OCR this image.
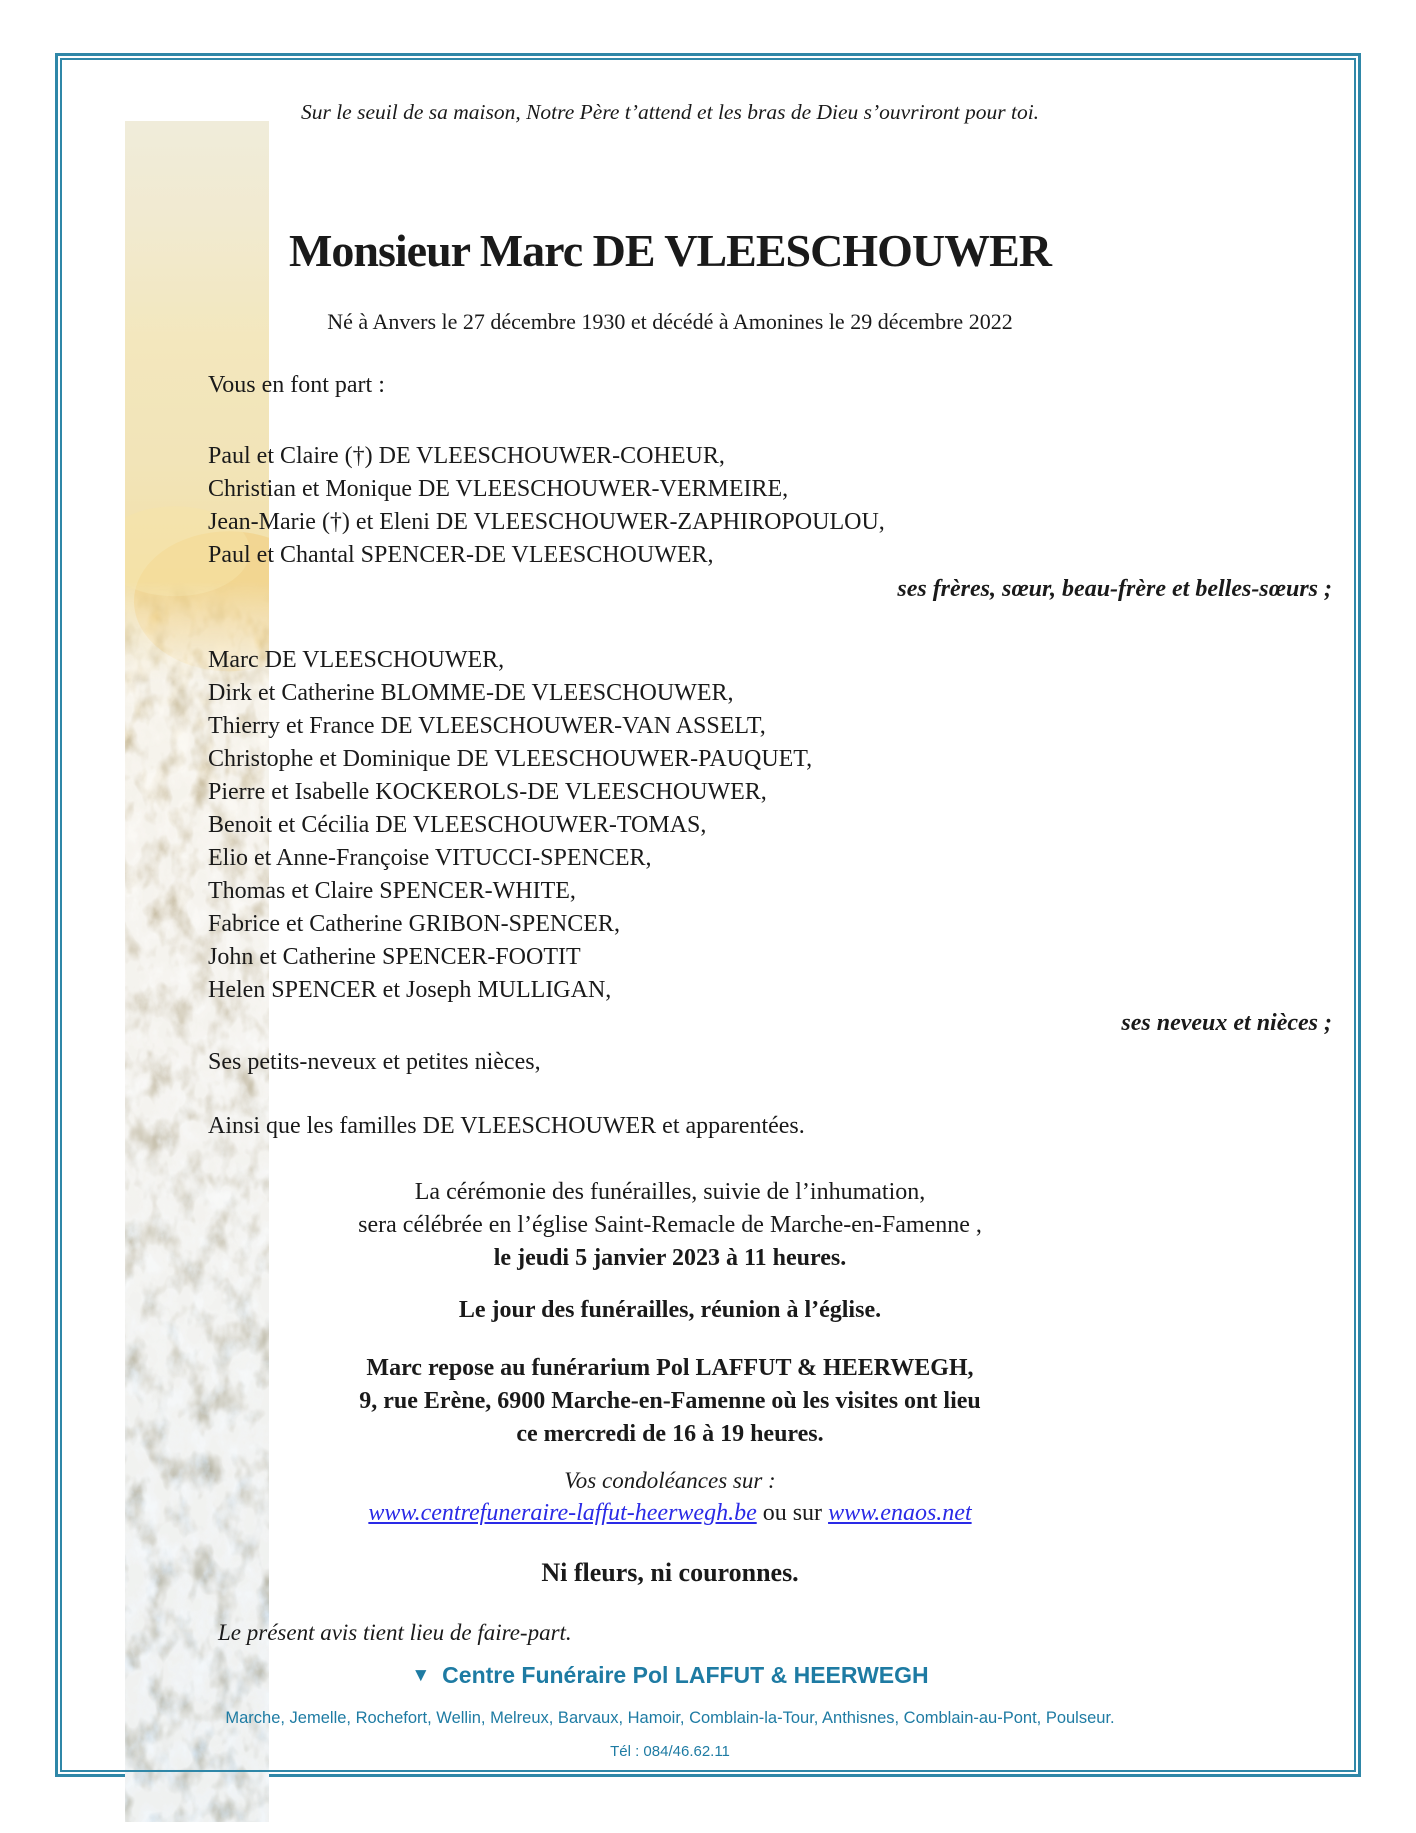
Sur le seuil de sa maison, Notre Père t’attend et les bras de Dieu s’ouvriront pour toi.
Monsieur Marc DE VLEESCHOUWER
Né à Anvers le 27 décembre 1930 et décédé à Amonines le 29 décembre 2022
Vous en font part :
Paul et Claire (†) DE VLEESCHOUWER-COHEUR,
Christian et Monique DE VLEESCHOUWER-VERMEIRE,
Jean-Marie (†) et Eleni DE VLEESCHOUWER-ZAPHIROPOULOU,
Paul et Chantal SPENCER-DE VLEESCHOUWER,
ses frères, sœur, beau-frère et belles-sœurs ;
Marc DE VLEESCHOUWER,
Dirk et Catherine BLOMME-DE VLEESCHOUWER,
Thierry et France DE VLEESCHOUWER-VAN ASSELT,
Christophe et Dominique DE VLEESCHOUWER-PAUQUET,
Pierre et Isabelle KOCKEROLS-DE VLEESCHOUWER,
Benoit et Cécilia DE VLEESCHOUWER-TOMAS,
Elio et Anne-Françoise VITUCCI-SPENCER,
Thomas et Claire SPENCER-WHITE,
Fabrice et Catherine GRIBON-SPENCER,
John et Catherine SPENCER-FOOTIT
Helen SPENCER et Joseph MULLIGAN,
ses neveux et nièces ;
Ses petits-neveux et petites nièces,
Ainsi que les familles DE VLEESCHOUWER et apparentées.
La cérémonie des funérailles, suivie de l’inhumation,
sera célébrée en l’église Saint-Remacle de Marche-en-Famenne ,
le jeudi 5 janvier 2023 à 11 heures.
Le jour des funérailles, réunion à l’église.
Marc repose au funérarium Pol LAFFUT & HEERWEGH,
9, rue Erène, 6900 Marche-en-Famenne où les visites ont lieu
ce mercredi de 16 à 19 heures.
Vos condoléances sur :
www.centrefuneraire-laffut-heerwegh.be ou sur www.enaos.net
Ni fleurs, ni couronnes.
Le présent avis tient lieu de faire-part.
▼ Centre Funéraire Pol LAFFUT & HEERWEGH
Marche, Jemelle, Rochefort, Wellin, Melreux, Barvaux, Hamoir, Comblain-la-Tour, Anthisnes, Comblain-au-Pont, Poulseur.
Tél : 084/46.62.11
